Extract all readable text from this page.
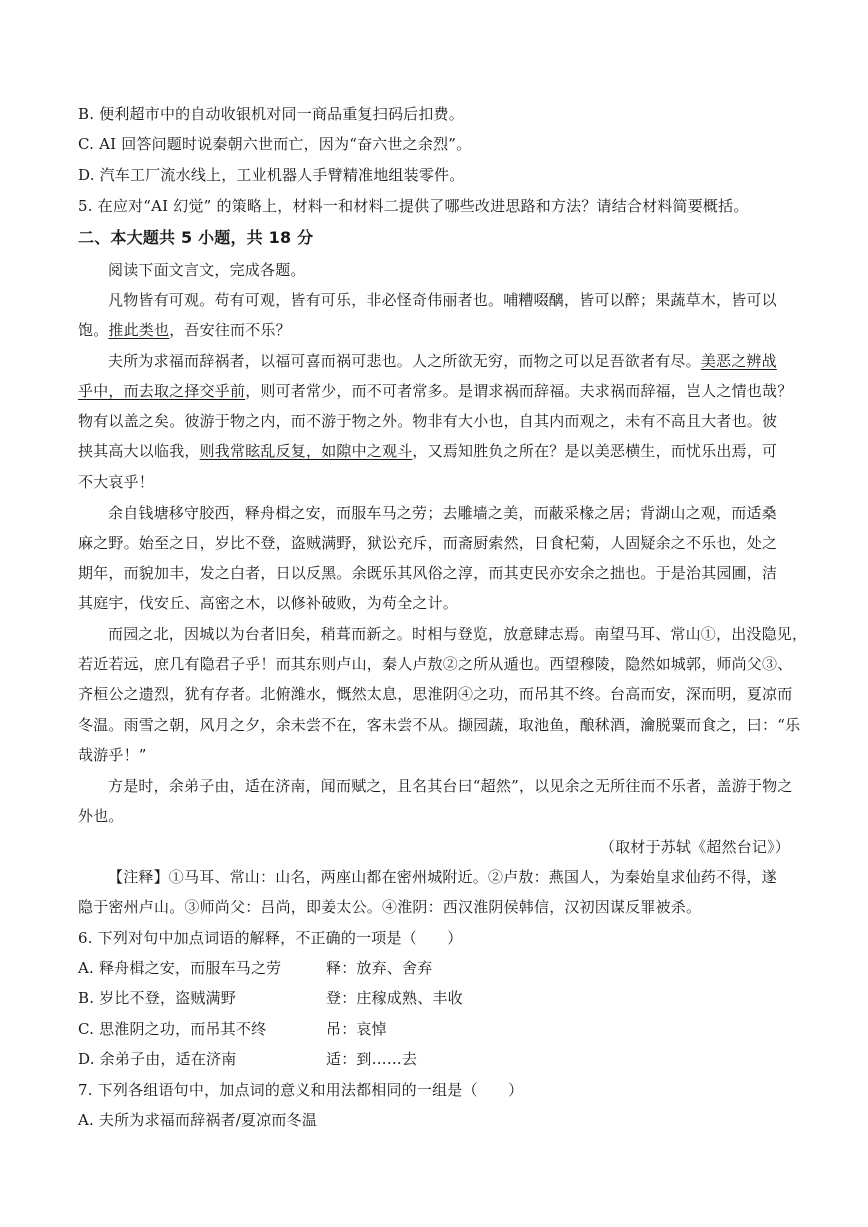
B. 便利超市中的自动收银机对同一商品重复扫码后扣费。
C. AI 回答问题时说秦朝六世而亡，因为“奋六世之余烈”。
D. 汽车工厂流水线上，工业机器人手臂精准地组装零件。
5. 在应对“AI 幻觉” 的策略上，材料一和材料二提供了哪些改进思路和方法？请结合材料简要概括。
二、本大题共 5 小题，共 18 分
阅读下面文言文，完成各题。
凡物皆有可观。苟有可观，皆有可乐，非必怪奇伟丽者也。哺糟啜醨，皆可以醉；果蔬草木，皆可以
饱。推此类也，吾安往而不乐？
夫所为求福而辞祸者，以福可喜而祸可悲也。人之所欲无穷，而物之可以足吾欲者有尽。美恶之辨战
乎中，而去取之择交乎前，则可者常少，而不可者常多。是谓求祸而辞福。夫求祸而辞福，岂人之情也哉？
物有以盖之矣。彼游于物之内，而不游于物之外。物非有大小也，自其内而观之，未有不高且大者也。彼
挟其高大以临我，则我常眩乱反复，如隙中之观斗，又焉知胜负之所在？是以美恶横生，而忧乐出焉，可
不大哀乎！
余自钱塘移守胶西，释舟楫之安，而服车马之劳；去雕墙之美，而蔽采椽之居；背湖山之观，而适桑
麻之野。始至之日，岁比不登，盗贼满野，狱讼充斥，而斋厨索然，日食杞菊，人固疑余之不乐也，处之
期年，而貌加丰，发之白者，日以反黑。余既乐其风俗之淳，而其吏民亦安余之拙也。于是治其园圃，洁
其庭宇，伐安丘、高密之木，以修补破败，为苟全之计。
而园之北，因城以为台者旧矣，稍葺而新之。时相与登览，放意肆志焉。南望马耳、常山①，出没隐见，
若近若远，庶几有隐君子乎！而其东则卢山，秦人卢敖②之所从遁也。西望穆陵，隐然如城郭，师尚父③、
齐桓公之遗烈，犹有存者。北俯潍水，慨然太息，思淮阴④之功，而吊其不终。台高而安，深而明，夏凉而
冬温。雨雪之朝，风月之夕，余未尝不在，客未尝不从。撷园蔬，取池鱼，酿秫酒，瀹脱粟而食之，曰：“乐
哉游乎！”
方是时，余弟子由，适在济南，闻而赋之，且名其台曰“超然”，以见余之无所往而不乐者，盖游于物之
外也。
（取材于苏轼《超然台记》）
【注释】①马耳、常山：山名，两座山都在密州城附近。②卢敖：燕国人，为秦始皇求仙药不得，遂
隐于密州卢山。③师尚父：吕尚，即姜太公。④淮阴：西汉淮阴侯韩信，汉初因谋反罪被杀。
6. 下列对句中加点词语的解释，不正确的一项是（　　）
A. 释舟楫之安，而服车马之劳	释：放弃、舍弃
B. 岁比不登，盗贼满野	登：庄稼成熟、丰收
C. 思淮阴之功，而吊其不终	吊：哀悼
D. 余弟子由，适在济南	适：到……去
7. 下列各组语句中，加点词的意义和用法都相同的一组是（　　）
A. 夫所为求福而辞祸者/夏凉而冬温
